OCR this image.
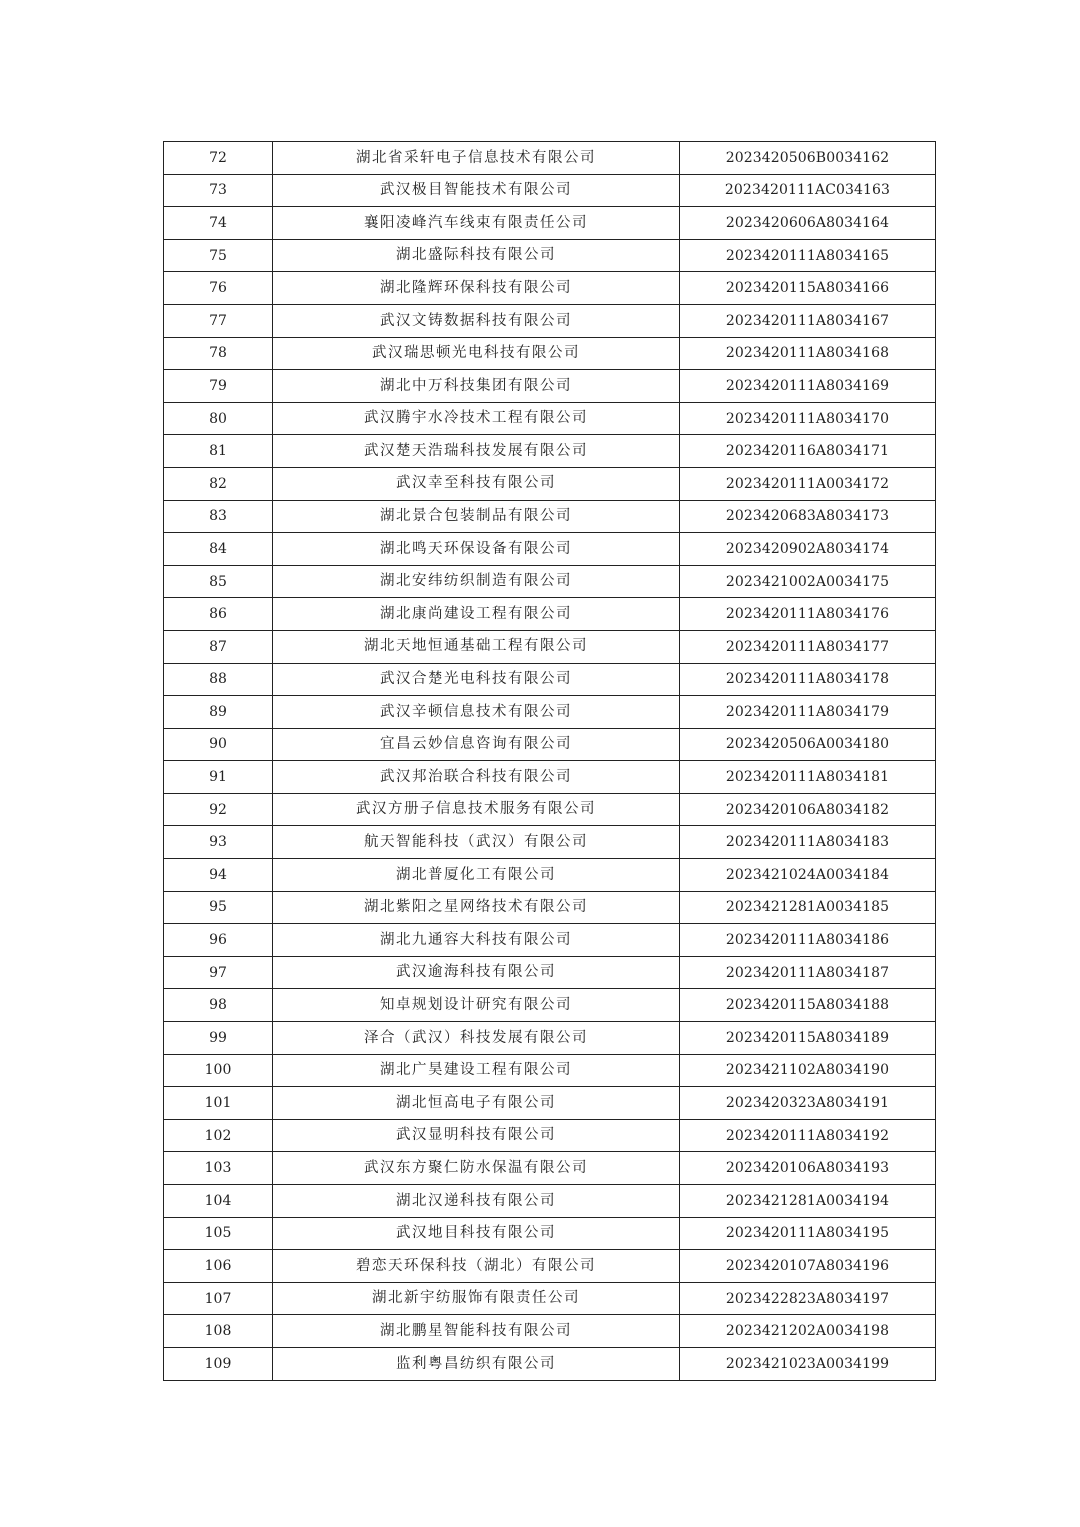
72	湖北省采轩电子信息技术有限公司	2023420506B0034162
73	武汉极目智能技术有限公司	2023420111AC034163
74	襄阳凌峰汽车线束有限责任公司	2023420606A8034164
75	湖北盛际科技有限公司	2023420111A8034165
76	湖北隆辉环保科技有限公司	2023420115A8034166
77	武汉文铸数据科技有限公司	2023420111A8034167
78	武汉瑞思顿光电科技有限公司	2023420111A8034168
79	湖北中万科技集团有限公司	2023420111A8034169
80	武汉腾宇水冷技术工程有限公司	2023420111A8034170
81	武汉楚天浩瑞科技发展有限公司	2023420116A8034171
82	武汉幸至科技有限公司	2023420111A0034172
83	湖北景合包装制品有限公司	2023420683A8034173
84	湖北鸣天环保设备有限公司	2023420902A8034174
85	湖北安纬纺织制造有限公司	2023421002A0034175
86	湖北康尚建设工程有限公司	2023420111A8034176
87	湖北天地恒通基础工程有限公司	2023420111A8034177
88	武汉合楚光电科技有限公司	2023420111A8034178
89	武汉辛顿信息技术有限公司	2023420111A8034179
90	宜昌云妙信息咨询有限公司	2023420506A0034180
91	武汉邦治联合科技有限公司	2023420111A8034181
92	武汉方册子信息技术服务有限公司	2023420106A8034182
93	航天智能科技（武汉）有限公司	2023420111A8034183
94	湖北普厦化工有限公司	2023421024A0034184
95	湖北紫阳之星网络技术有限公司	2023421281A0034185
96	湖北九通容大科技有限公司	2023420111A8034186
97	武汉逾海科技有限公司	2023420111A8034187
98	知卓规划设计研究有限公司	2023420115A8034188
99	泽合（武汉）科技发展有限公司	2023420115A8034189
100	湖北广昊建设工程有限公司	2023421102A8034190
101	湖北恒高电子有限公司	2023420323A8034191
102	武汉显明科技有限公司	2023420111A8034192
103	武汉东方聚仁防水保温有限公司	2023420106A8034193
104	湖北汉递科技有限公司	2023421281A0034194
105	武汉地目科技有限公司	2023420111A8034195
106	碧恋天环保科技（湖北）有限公司	2023420107A8034196
107	湖北新宇纺服饰有限责任公司	2023422823A8034197
108	湖北鹏星智能科技有限公司	2023421202A0034198
109	监利粤昌纺织有限公司	2023421023A0034199
